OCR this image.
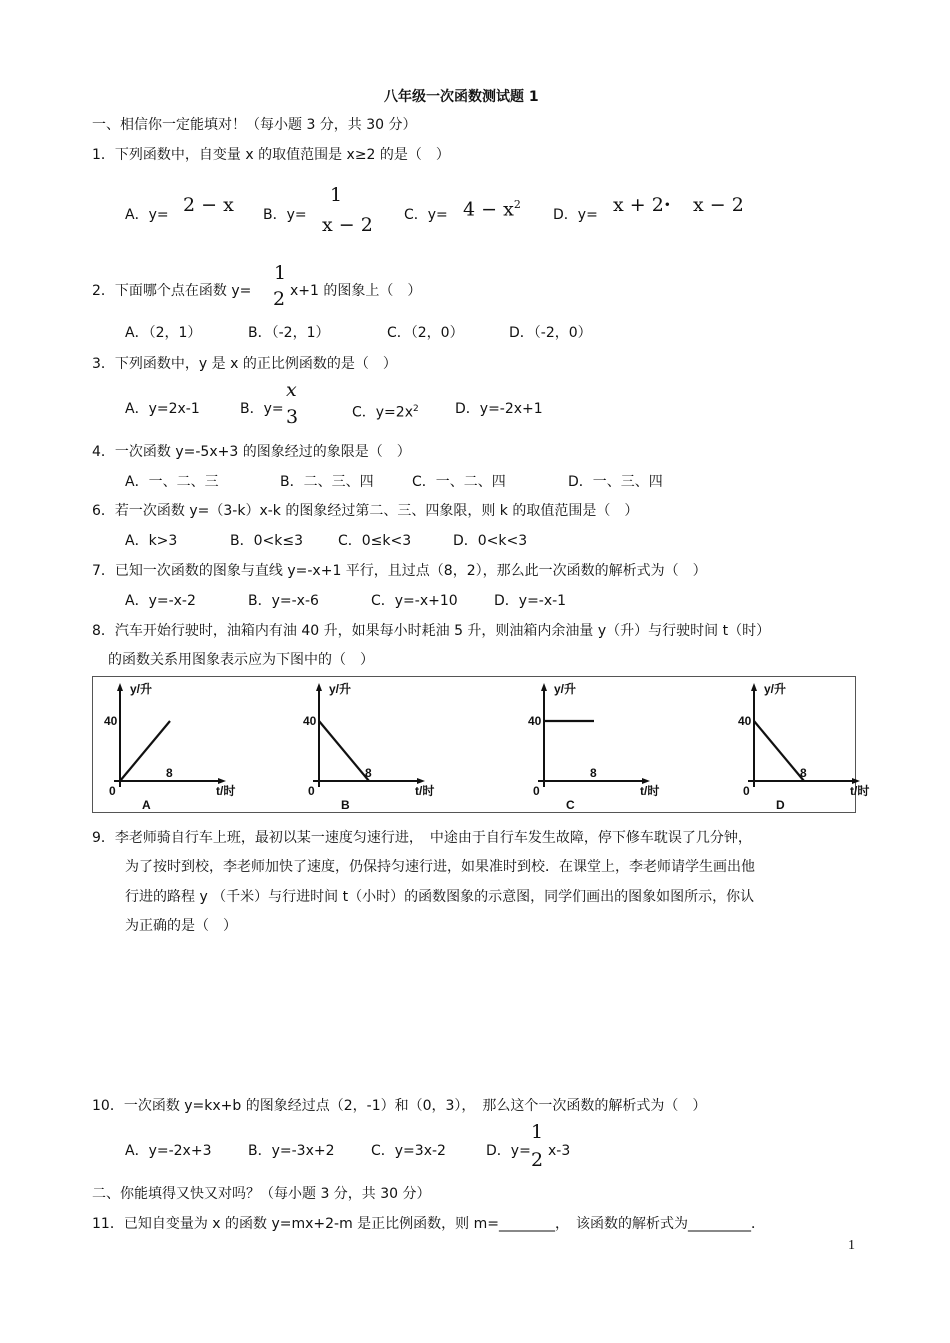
八年级一次函数测试题 1
一、相信你一定能填对！（每小题 3 分，共 30 分）
1．下列函数中，自变量 x 的取值范围是 x≥2 的是（　）
A．y= 2 − x B．y=
1
x − 2 C．$y= 4 - x^2$
D．y= x + 2 · x − 2
2．下面哪个点在函数 y=
1
2 x+1 的图象上（　）
A．（2，1）	B．（-2，1）	C．（2，0）	D．（-2，0）
3．下列函数中，y 是 x 的正比例函数的是（　）
A．y=2x-1	B．y=
x
3	C．$y=2x^2$	D．y=-2x+1
4．一次函数 y=-5x+3 的图象经过的象限是（　）
A．一、二、三	B．二、三、四	C．一、二、四	D．一、三、四
6．若一次函数 y=（3-k）x-k 的图象经过第二、三、四象限，则 k 的取值范围是（　）
A．k>3	B．0<k≤3	C．0≤k<3	D．0<k<3
7．已知一次函数的图象与直线 y=-x+1 平行，且过点（8，2），那么此一次函数的解析式为（　）
A．y=-x-2	B．y=-x-6	C．y=-x+10	D．y=-x-1
8．汽车开始行驶时，油箱内有油 40 升，如果每小时耗油 5 升，则油箱内余油量 y（升）与行驶时间 t（时）
的函数关系用图象表示应为下图中的（　）
y/升
t/时
40
0
8
A
y/升
t/时
40
0
8
B
y/升
t/时
40
0
8
C
y/升
t/时
40
0
8
D
9．李老师骑自行车上班，最初以某一速度匀速行进，　中途由于自行车发生故障，停下修车耽误了几分钟，
为了按时到校，李老师加快了速度，仍保持匀速行进，如果准时到校．在课堂上，李老师请学生画出他
行进的路程 y （千米）与行进时间 t（小时）的函数图象的示意图，同学们画出的图象如图所示，你认
为正确的是（　）
10．一次函数 y=kx+b 的图象经过点（2，-1）和（0，3），　那么这个一次函数的解析式为（　）
A．y=-2x+3	B．y=-3x+2	C．y=3x-2	D．y=
1
2 x-3
二、你能填得又快又对吗？（每小题 3 分，共 30 分）
11．已知自变量为 x 的函数 y=mx+2-m 是正比例函数，则 m=________，　该函数的解析式为_________．
1
